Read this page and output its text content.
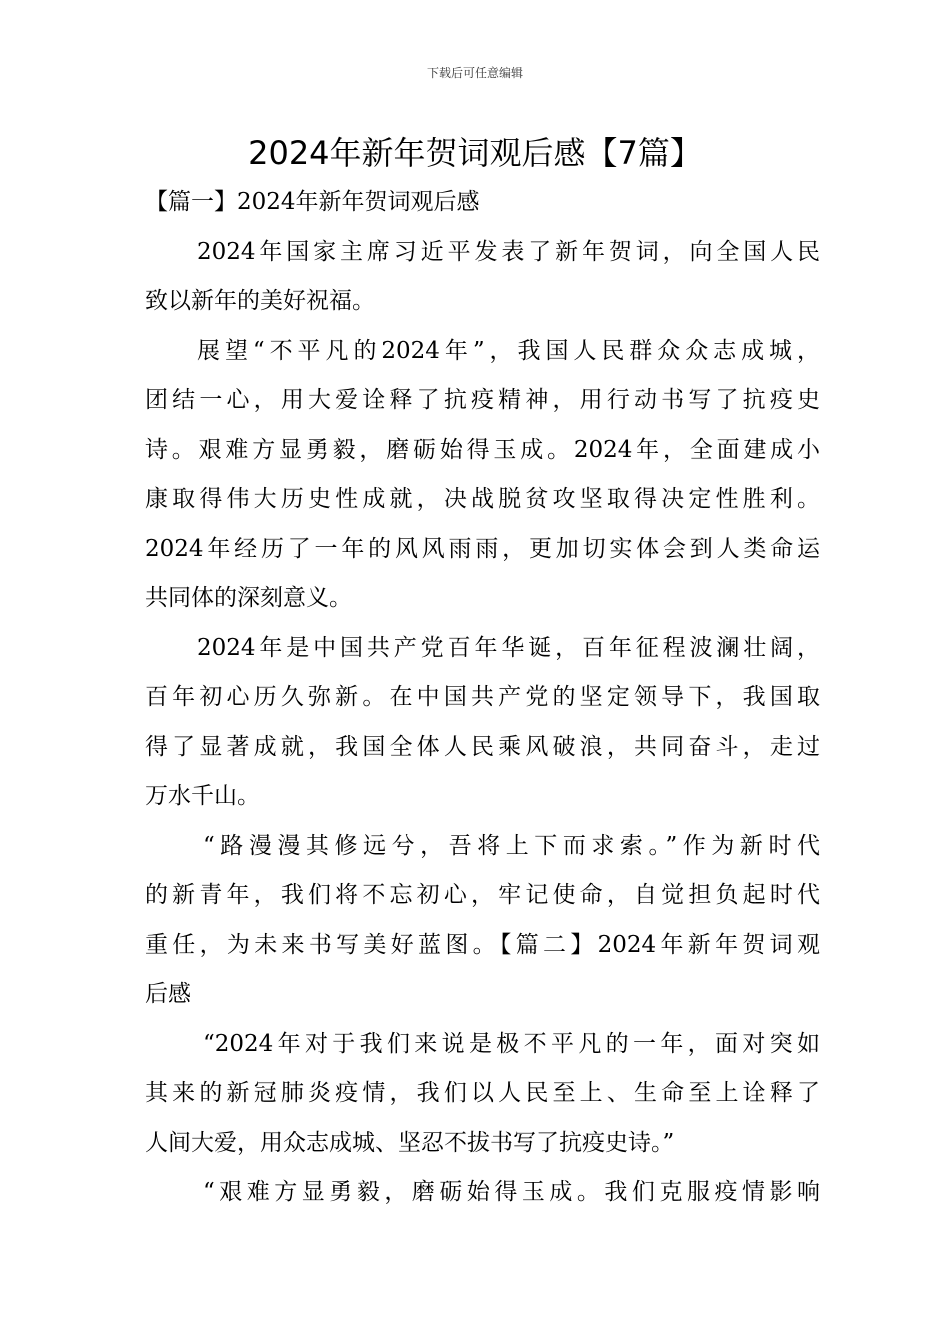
下载后可任意编辑
2024年新年贺词观后感【7篇】
【篇一】2024年新年贺词观后感
2024年国家主席习近平发表了新年贺词，向全国人民
致以新年的美好祝福。
展望“不平凡的2024年”，我国人民群众众志成城，
团结一心，用大爱诠释了抗疫精神，用行动书写了抗疫史
诗。艰难方显勇毅，磨砺始得玉成。2024年，全面建成小
康取得伟大历史性成就，决战脱贫攻坚取得决定性胜利。
2024年经历了一年的风风雨雨，更加切实体会到人类命运
共同体的深刻意义。
2024年是中国共产党百年华诞，百年征程波澜壮阔，
百年初心历久弥新。在中国共产党的坚定领导下，我国取
得了显著成就，我国全体人民乘风破浪，共同奋斗，走过
万水千山。
“路漫漫其修远兮，吾将上下而求索。”作为新时代
的新青年，我们将不忘初心，牢记使命，自觉担负起时代
重任，为未来书写美好蓝图。【篇二】2024年新年贺词观
后感
“2024年对于我们来说是极不平凡的一年，面对突如
其来的新冠肺炎疫情，我们以人民至上、生命至上诠释了
人间大爱，用众志成城、坚忍不拔书写了抗疫史诗。”
“艰难方显勇毅，磨砺始得玉成。我们克服疫情影响
